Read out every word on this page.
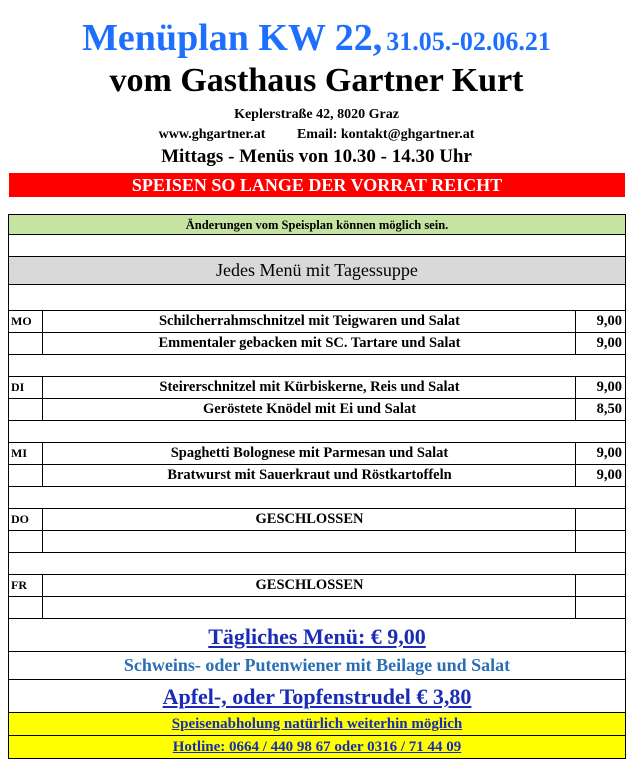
Menüplan KW 22, 31.05.-02.06.21
vom Gasthaus Gartner Kurt
Keplerstraße 42, 8020 Graz
www.ghgartner.at Email: kontakt@ghgartner.at
Mittags - Menüs von 10.30 - 14.30 Uhr
SPEISEN SO LANGE DER VORRAT REICHT
Änderungen vom Speisplan können möglich sein.
Jedes Menü mit Tagessuppe
MO	Schilcherrahmschnitzel mit Teigwaren und Salat	9,00
Emmentaler gebacken mit SC. Tartare und Salat	9,00
DI	Steirerschnitzel mit Kürbiskerne, Reis und Salat	9,00
Geröstete Knödel mit Ei und Salat	8,50
MI	Spaghetti Bolognese mit Parmesan und Salat	9,00
Bratwurst mit Sauerkraut und Röstkartoffeln	9,00
DO	GESCHLOSSEN
FR	GESCHLOSSEN
Tägliches Menü: € 9,00
Schweins- oder Putenwiener mit Beilage und Salat
Apfel-, oder Topfenstrudel € 3,80
Speisenabholung natürlich weiterhin möglich
Hotline: 0664 / 440 98 67 oder 0316 / 71 44 09
